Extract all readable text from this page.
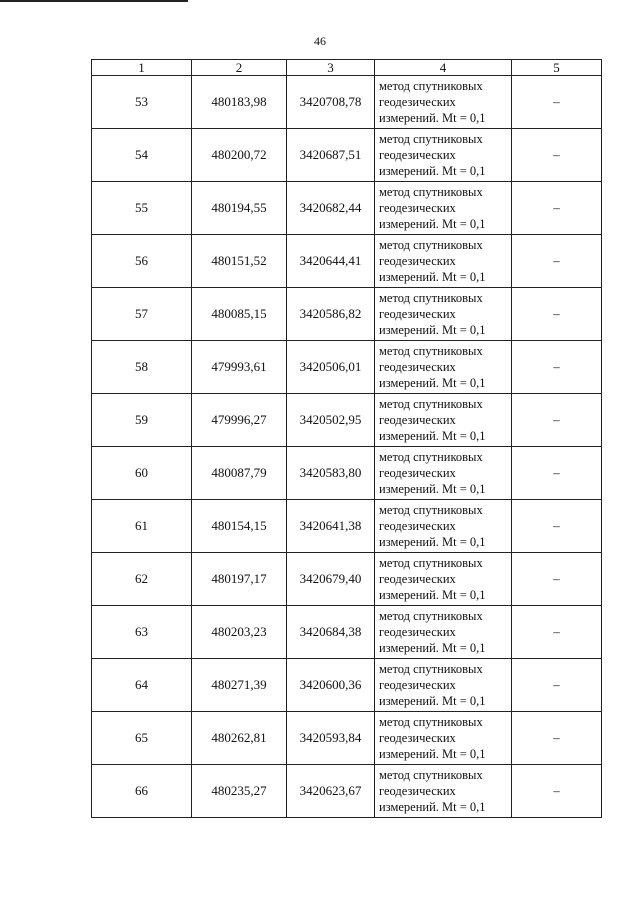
46
1	2	3	4	5
53	480183,98	3420708,78	метод спутниковых
геодезических
измерений. Mt = 0,1	–
54	480200,72	3420687,51	метод спутниковых
геодезических
измерений. Mt = 0,1	–
55	480194,55	3420682,44	метод спутниковых
геодезических
измерений. Mt = 0,1	–
56	480151,52	3420644,41	метод спутниковых
геодезических
измерений. Mt = 0,1	–
57	480085,15	3420586,82	метод спутниковых
геодезических
измерений. Mt = 0,1	–
58	479993,61	3420506,01	метод спутниковых
геодезических
измерений. Mt = 0,1	–
59	479996,27	3420502,95	метод спутниковых
геодезических
измерений. Mt = 0,1	–
60	480087,79	3420583,80	метод спутниковых
геодезических
измерений. Mt = 0,1	–
61	480154,15	3420641,38	метод спутниковых
геодезических
измерений. Mt = 0,1	–
62	480197,17	3420679,40	метод спутниковых
геодезических
измерений. Mt = 0,1	–
63	480203,23	3420684,38	метод спутниковых
геодезических
измерений. Mt = 0,1	–
64	480271,39	3420600,36	метод спутниковых
геодезических
измерений. Mt = 0,1	–
65	480262,81	3420593,84	метод спутниковых
геодезических
измерений. Mt = 0,1	–
66	480235,27	3420623,67	метод спутниковых
геодезических
измерений. Mt = 0,1	–
